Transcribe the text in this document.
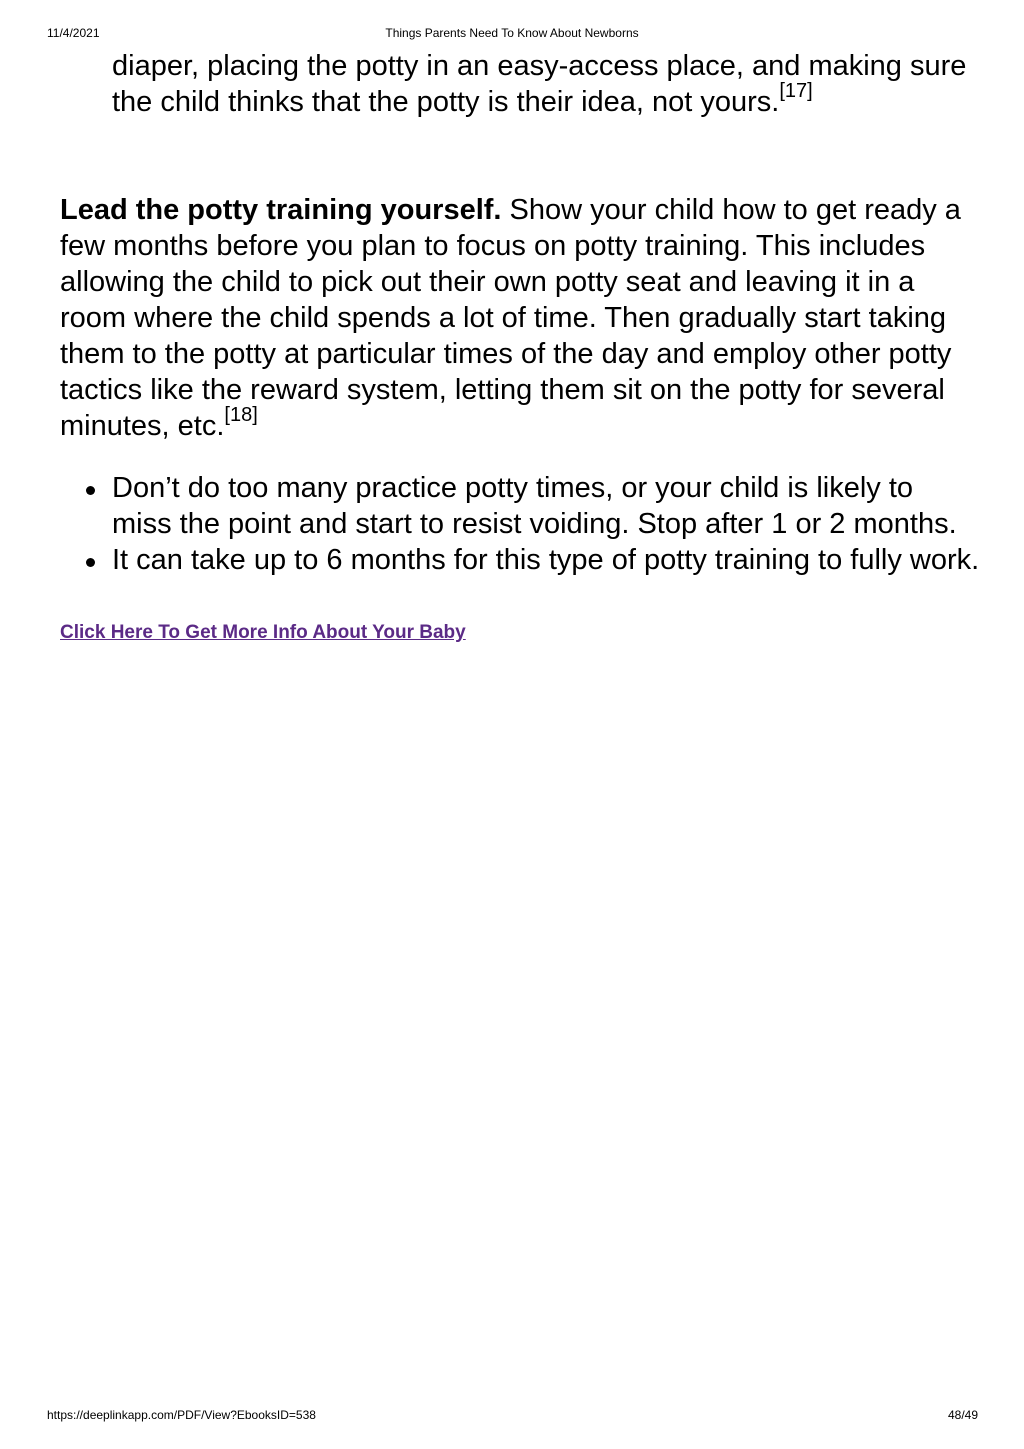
11/4/2021	Things Parents Need To Know About Newborns

diaper, placing the potty in an easy-access place, and making sure the child thinks that the potty is their idea, not yours.[17]

Lead the potty training yourself. Show your child how to get ready a few months before you plan to focus on potty training. This includes allowing the child to pick out their own potty seat and leaving it in a room where the child spends a lot of time. Then gradually start taking them to the potty at particular times of the day and employ other potty tactics like the reward system, letting them sit on the potty for several minutes, etc.[18]

Don’t do too many practice potty times, or your child is likely to miss the point and start to resist voiding. Stop after 1 or 2 months.
It can take up to 6 months for this type of potty training to fully work.
Click Here To Get More Info About Your Baby
https://deeplinkapp.com/PDF/View?EbooksID=538	48/49
